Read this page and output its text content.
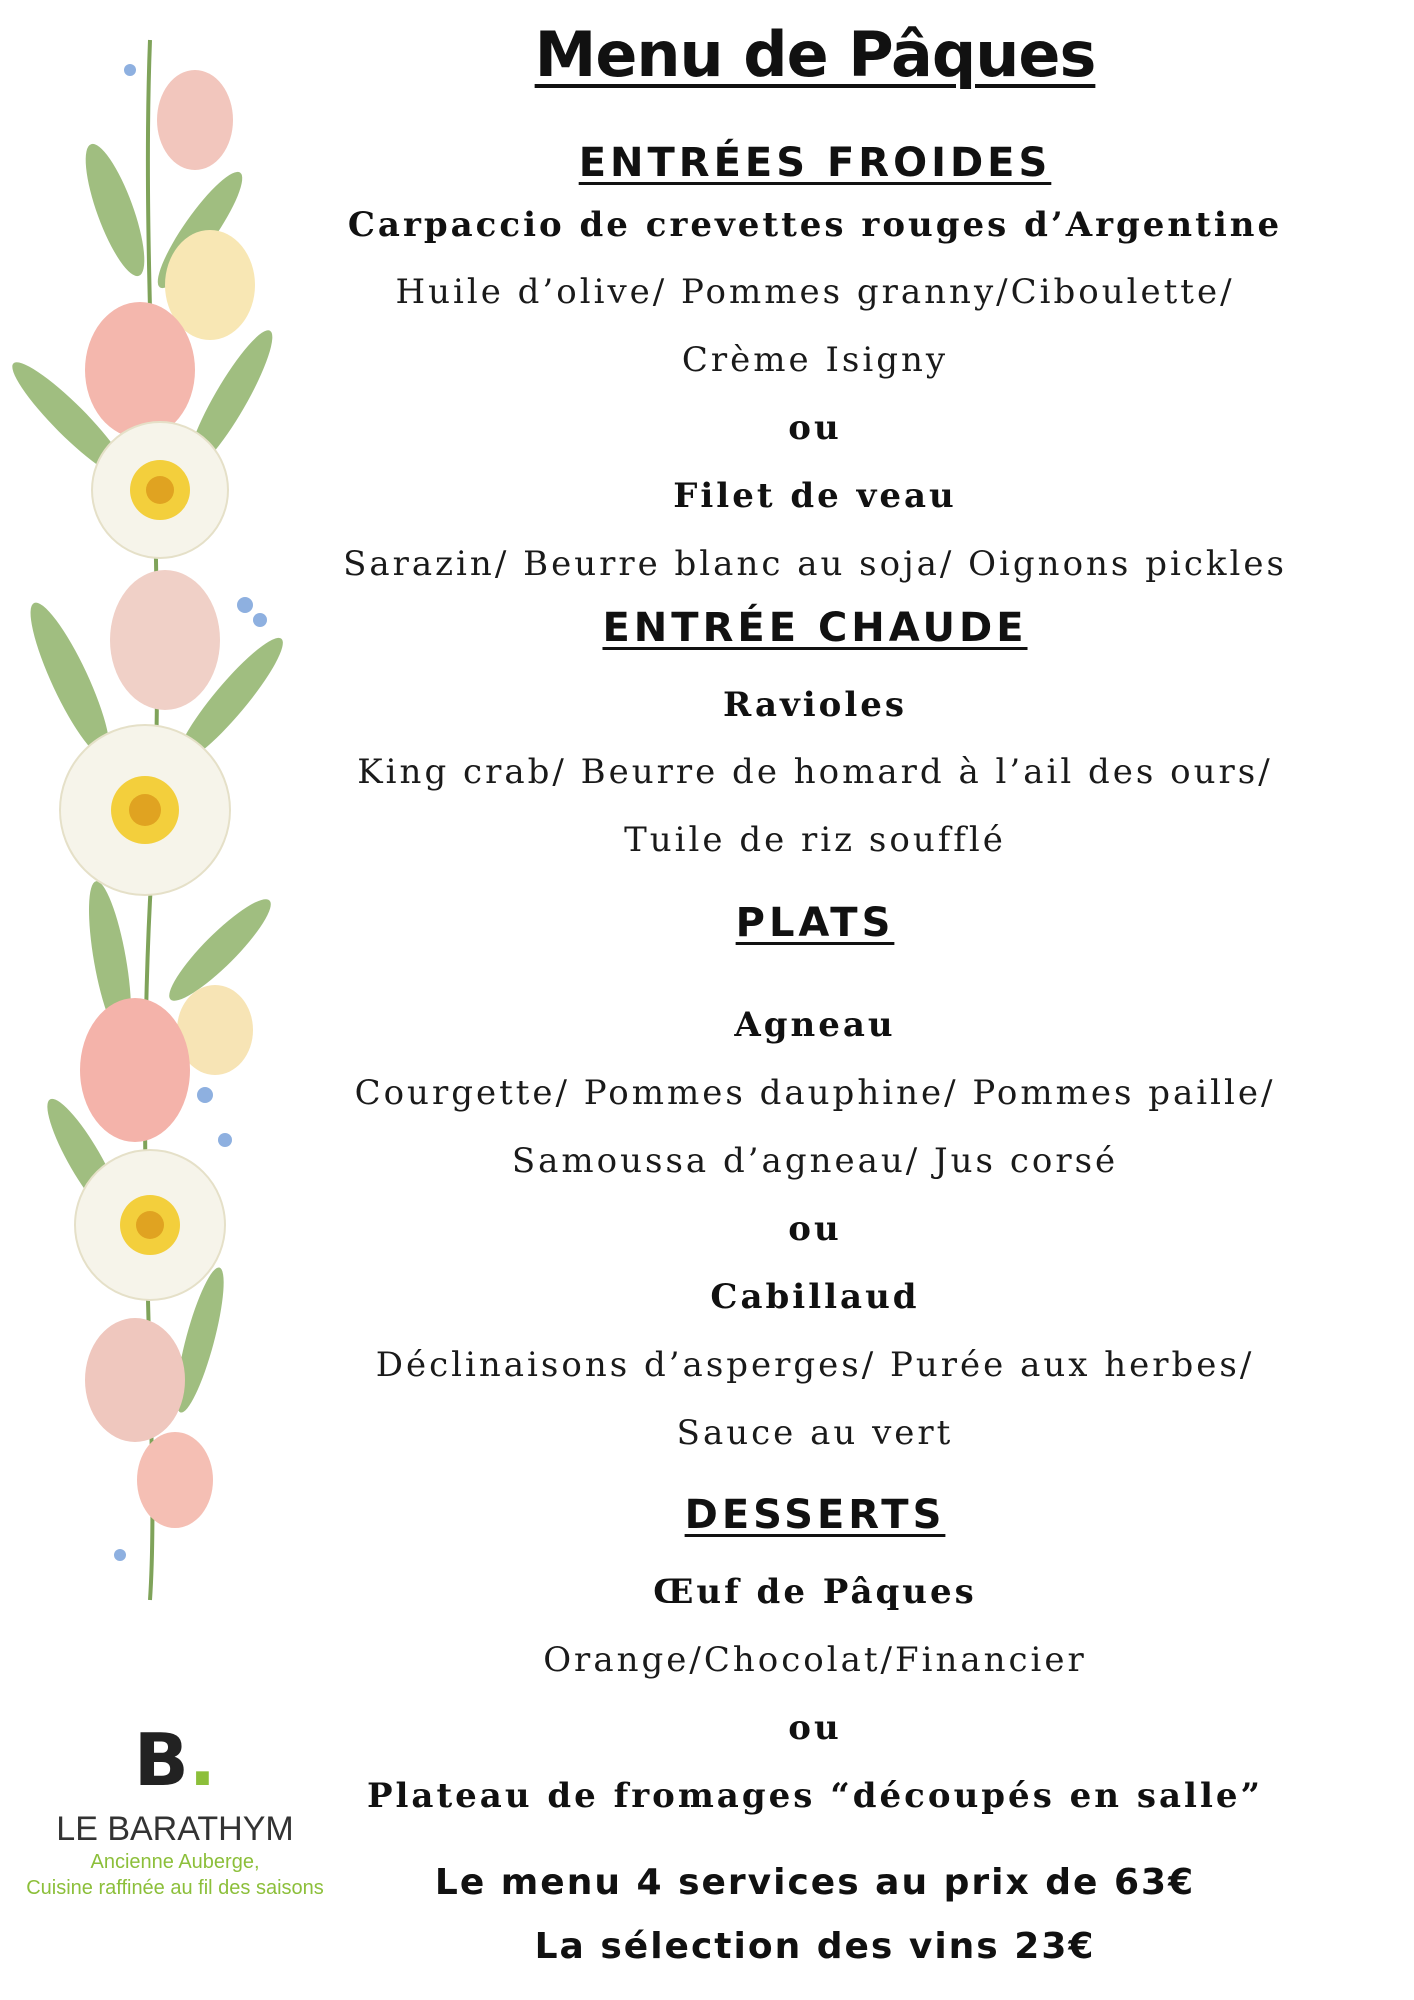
Menu de Pâques
ENTRÉES FROIDES
Carpaccio de crevettes rouges d’Argentine
Huile d’olive/ Pommes granny/Ciboulette/
Crème Isigny
ou
Filet de veau
Sarazin/ Beurre blanc au soja/ Oignons pickles
ENTRÉE CHAUDE
Ravioles
King crab/ Beurre de homard à l’ail des ours/
Tuile de riz soufflé
PLATS
Agneau
Courgette/ Pommes dauphine/ Pommes paille/
Samoussa d’agneau/ Jus corsé
ou
Cabillaud
Déclinaisons d’asperges/ Purée aux herbes/
Sauce au vert
DESSERTS
Œuf de Pâques
Orange/Chocolat/Financier
ou
Plateau de fromages “découpés en salle”
Le menu 4 services au prix de 63€
La sélection des vins 23€
B.
LE BARATHYM
Ancienne Auberge,
Cuisine raffinée au fil des saisons
